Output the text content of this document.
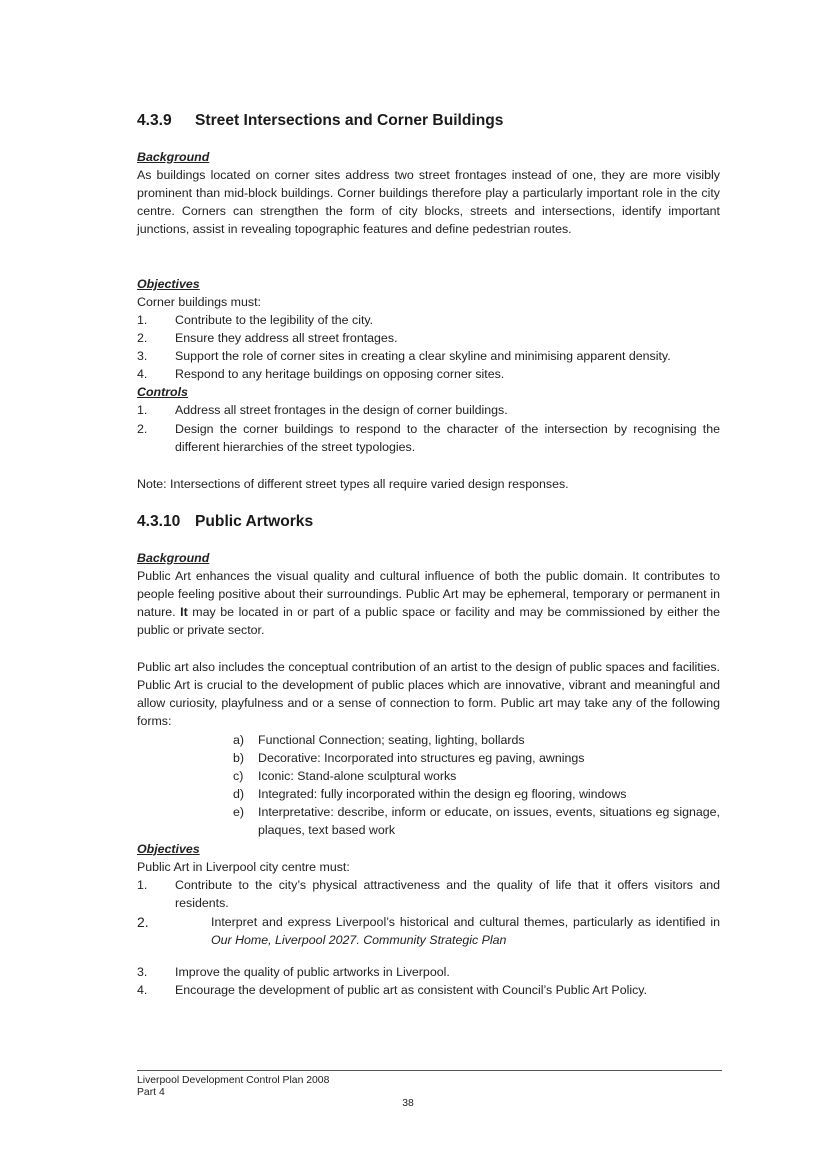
4.3.9 Street Intersections and Corner Buildings
Background
As buildings located on corner sites address two street frontages instead of one, they are more visibly prominent than mid-block buildings. Corner buildings therefore play a particularly important role in the city centre. Corners can strengthen the form of city blocks, streets and intersections, identify important junctions, assist in revealing topographic features and define pedestrian routes.
Objectives
Corner buildings must:
1. Contribute to the legibility of the city.
2. Ensure they address all street frontages.
3. Support the role of corner sites in creating a clear skyline and minimising apparent density.
4. Respond to any heritage buildings on opposing corner sites.
Controls
1. Address all street frontages in the design of corner buildings.
2. Design the corner buildings to respond to the character of the intersection by recognising the different hierarchies of the street typologies.
Note: Intersections of different street types all require varied design responses.
4.3.10 Public Artworks
Background
Public Art enhances the visual quality and cultural influence of both the public domain. It contributes to people feeling positive about their surroundings. Public Art may be ephemeral, temporary or permanent in nature. It may be located in or part of a public space or facility and may be commissioned by either the public or private sector.
Public art also includes the conceptual contribution of an artist to the design of public spaces and facilities. Public Art is crucial to the development of public places which are innovative, vibrant and meaningful and allow curiosity, playfulness and or a sense of connection to form. Public art may take any of the following forms:
a) Functional Connection; seating, lighting, bollards
b) Decorative: Incorporated into structures eg paving, awnings
c) Iconic: Stand-alone sculptural works
d) Integrated: fully incorporated within the design eg flooring, windows
e) Interpretative: describe, inform or educate, on issues, events, situations eg signage, plaques, text based work
Objectives
Public Art in Liverpool city centre must:
1. Contribute to the city’s physical attractiveness and the quality of life that it offers visitors and residents.
2.	Interpret and express Liverpool’s historical and cultural themes, particularly as identified in Our Home, Liverpool 2027. Community Strategic Plan
3. Improve the quality of public artworks in Liverpool.
4. Encourage the development of public art as consistent with Council’s Public Art Policy.
Liverpool Development Control Plan 2008
Part 4
38
